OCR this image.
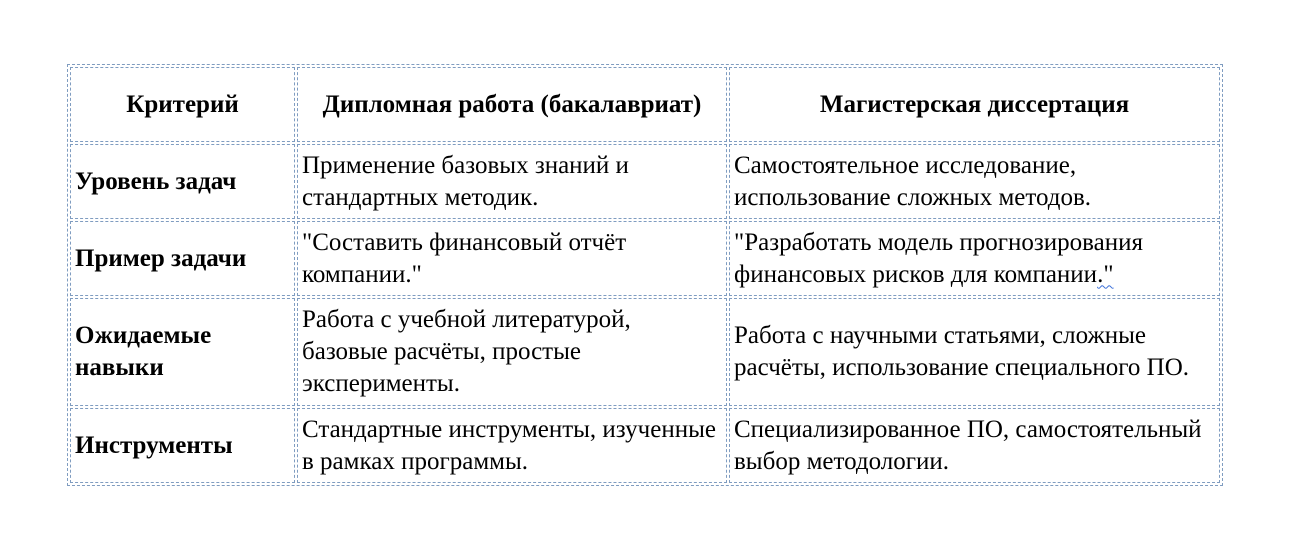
Критерий	Дипломная работа (бакалавриат)	Магистерская диссертация
Уровень задач	Применение базовых знаний и стандартных методик.	Самостоятельное исследование, использование сложных методов.
Пример задачи	"Составить финансовый отчёт компании."	"Разработать модель прогнозирования финансовых рисков для компании."
Ожидаемые навыки	Работа с учебной литературой, базовые расчёты, простые эксперименты.	Работа с научными статьями, сложные расчёты, использование специального ПО.
Инструменты	Стандартные инструменты, изученные в рамках программы.	Специализированное ПО, самостоятельный выбор методологии.
